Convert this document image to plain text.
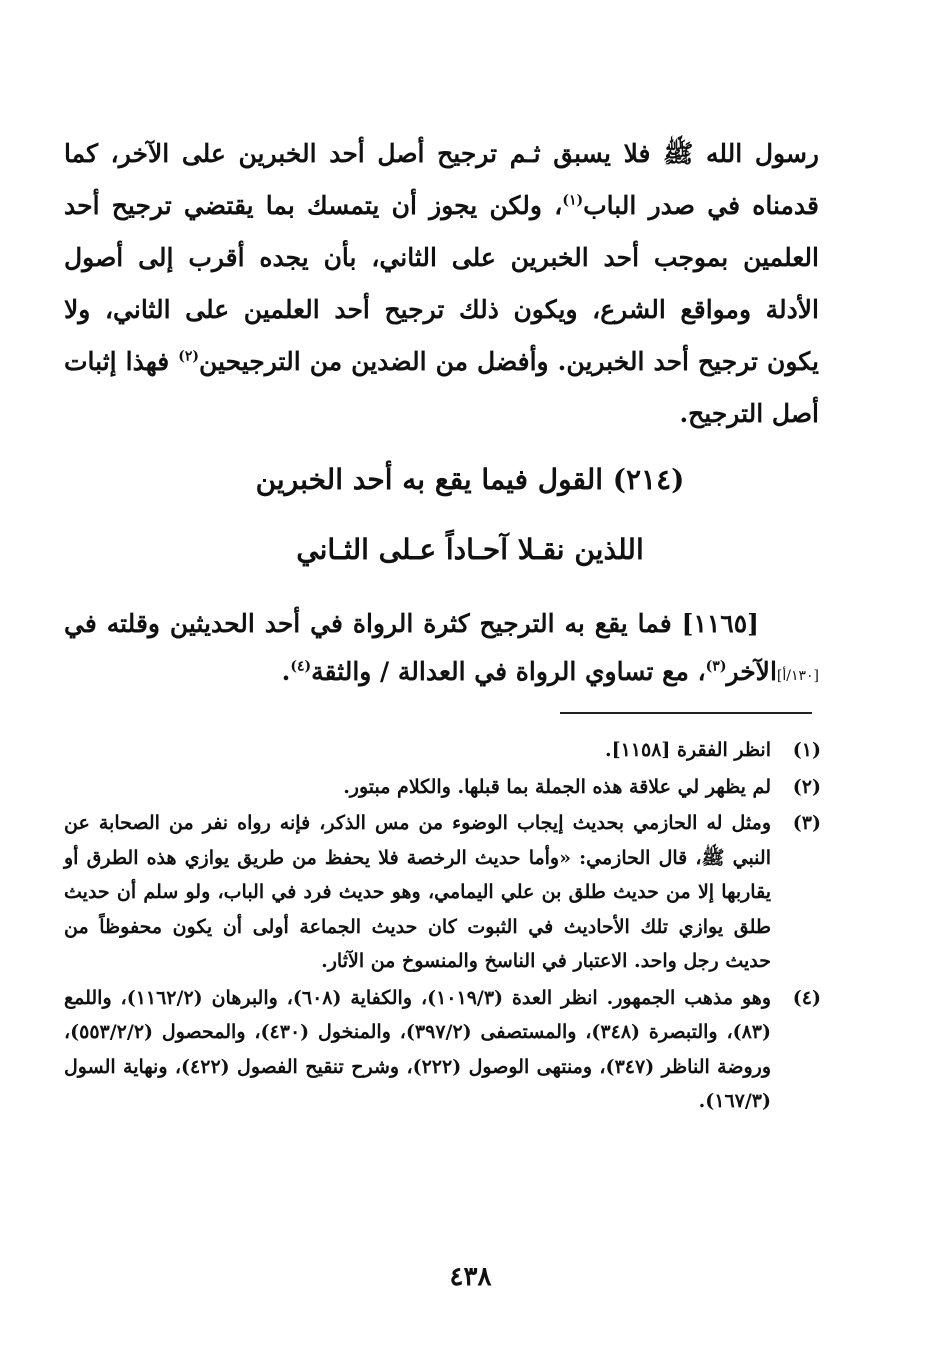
رسول الله ﷺ فلا يسبق ثـم ترجيح أصل أحد الخبرين على الآخر، كما قدمناه في صدر الباب$^{(١)}$، ولكن يجوز أن يتمسك بما يقتضي ترجيح أحد العلمين بموجب أحد الخبرين على الثاني، بأن يجده أقرب إلى أصول الأدلة ومواقع الشرع، ويكون ذلك ترجيح أحد العلمين على الثاني، ولا يكون ترجيح أحد الخبرين. وأفضل من الضدين من الترجيحين$^{(٢)}$ فهذا إثبات أصل الترجيح.

(٢١٤) القول فيما يقع به أحد الخبرين
اللذين نقـلا آحـاداً عـلى الثـاني

[١١٦٥] فما يقع به الترجيح كثرة الرواة في أحد الحديثين وقلته في [١٣٠/أ]الآخر$^{(٣)}$، مع تساوي الرواة في العدالة / والثقة$^{(٤)}$.

(١)
انظر الفقرة [١١٥٨].
(٢)
لم يظهر لي علاقة هذه الجملة بما قبلها. والكلام مبتور.
(٣)
ومثل له الحازمي بحديث إيجاب الوضوء من مس الذكر، فإنه رواه نفر من الصحابة عن النبي ﷺ، قال الحازمي: «وأما حديث الرخصة فلا يحفظ من طريق يوازي هذه الطرق أو يقاربها إلا من حديث طلق بن علي اليمامي، وهو حديث فرد في الباب، ولو سلم أن حديث طلق يوازي تلك الأحاديث في الثبوت كان حديث الجماعة أولى أن يكون محفوظاً من حديث رجل واحد. الاعتبار في الناسخ والمنسوخ من الآثار.
(٤)
وهو مذهب الجمهور. انظر العدة (١٠١٩/٣)، والكفاية (٦٠٨)، والبرهان (١١٦٢/٢)، واللمع (٨٣)، والتبصرة (٣٤٨)، والمستصفى (٣٩٧/٢)، والمنخول (٤٣٠)، والمحصول (٥٥٣/٢/٢)، وروضة الناظر (٣٤٧)، ومنتهى الوصول (٢٢٢)، وشرح تنقيح الفصول (٤٢٢)، ونهاية السول (١٦٧/٣).
٤٣٨
